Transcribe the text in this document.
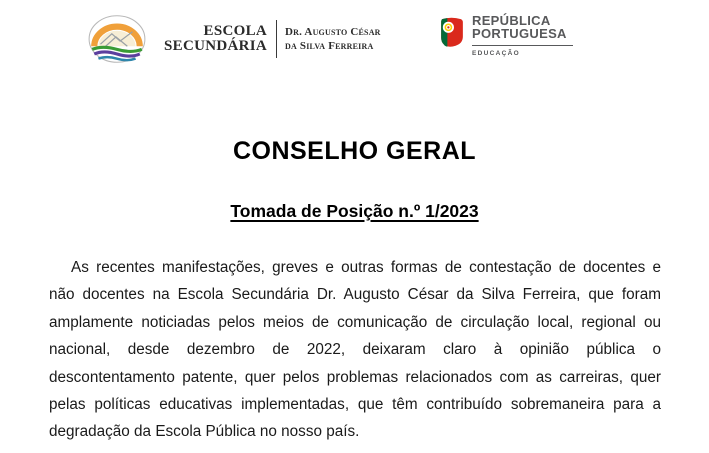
ESCOLA
SECUNDÁRIA
Dr. Augusto César
da Silva Ferreira
REPÚBLICA
PORTUGUESA
EDUCAÇÃO
CONSELHO GERAL
Tomada de Posição n.º 1/2023
As recentes manifestações, greves e outras formas de contestação de docentes e
não docentes na Escola Secundária Dr. Augusto César da Silva Ferreira, que foram
amplamente noticiadas pelos meios de comunicação de circulação local, regional ou
nacional, desde dezembro de 2022, deixaram claro à opinião pública o
descontentamento patente, quer pelos problemas relacionados com as carreiras, quer
pelas políticas educativas implementadas, que têm contribuído sobremaneira para a
degradação da Escola Pública no nosso país.
